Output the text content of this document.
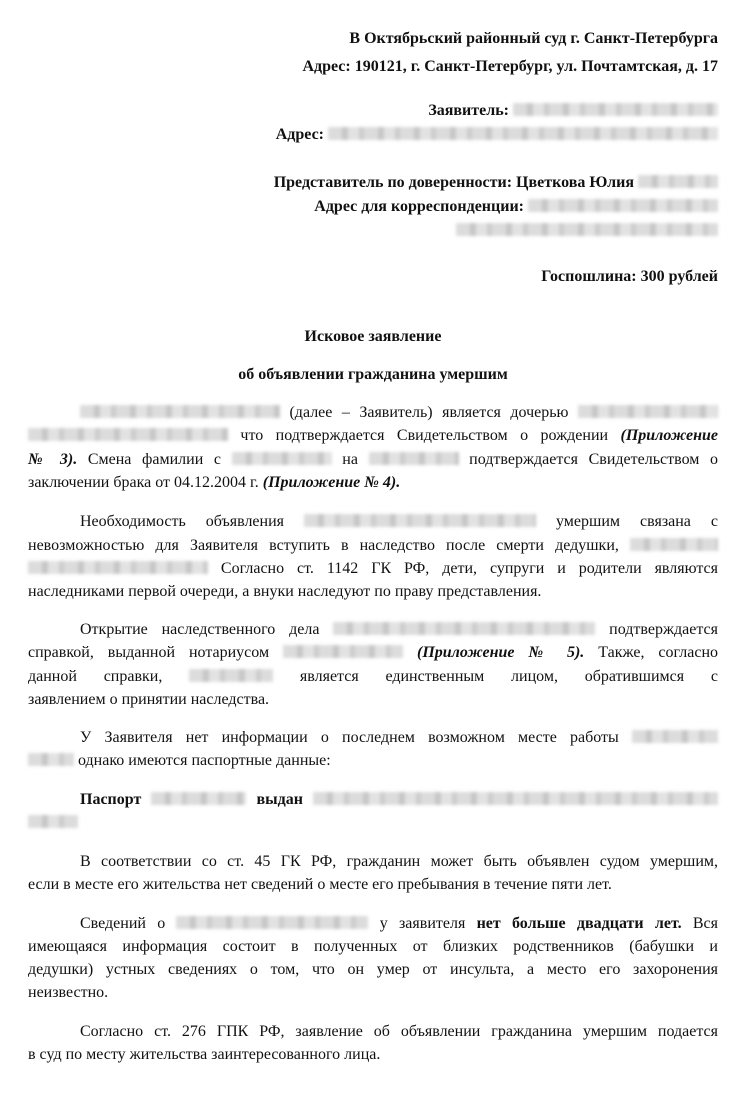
В Октябрьский районный суд г. Санкт-Петербурга
Адрес: 190121, г. Санкт-Петербург, ул. Почтамтская, д. 17
Заявитель:
Адрес:
Представитель по доверенности: Цветкова Юлия
Адрес для корреспонденции:
Госпошлина: 300 рублей
Исковое заявление
об объявлении гражданина умершим
(далее – Заявитель) является дочерью
что подтверждается Свидетельством о рождении (Приложение
№ 3). Смена фамилии с	на	подтверждается Свидетельством о
заключении брака от 04.12.2004 г. (Приложение № 4).
Необходимость объявления	умершим связана с
невозможностью для Заявителя вступить в наследство после смерти дедушки,
Согласно ст. 1142 ГК РФ, дети, супруги и родители являются
наследниками первой очереди, а внуки наследуют по праву представления.
Открытие наследственного дела	подтверждается
справкой, выданной нотариусом	(Приложение № 5). Также, согласно
данной справки,	является единственным лицом, обратившимся с
заявлением о принятии наследства.
У Заявителя нет информации о последнем возможном месте работы
однако имеются паспортные данные:
Паспорт	выдан
В соответствии со ст. 45 ГК РФ, гражданин может быть объявлен судом умершим,
если в месте его жительства нет сведений о месте его пребывания в течение пяти лет.
Сведений о	у заявителя нет больше двадцати лет. Вся
имеющаяся информация состоит в полученных от близких родственников (бабушки и
дедушки) устных сведениях о том, что он умер от инсульта, а место его захоронения
неизвестно.
Согласно ст. 276 ГПК РФ, заявление об объявлении гражданина умершим подается
в суд по месту жительства заинтересованного лица.
